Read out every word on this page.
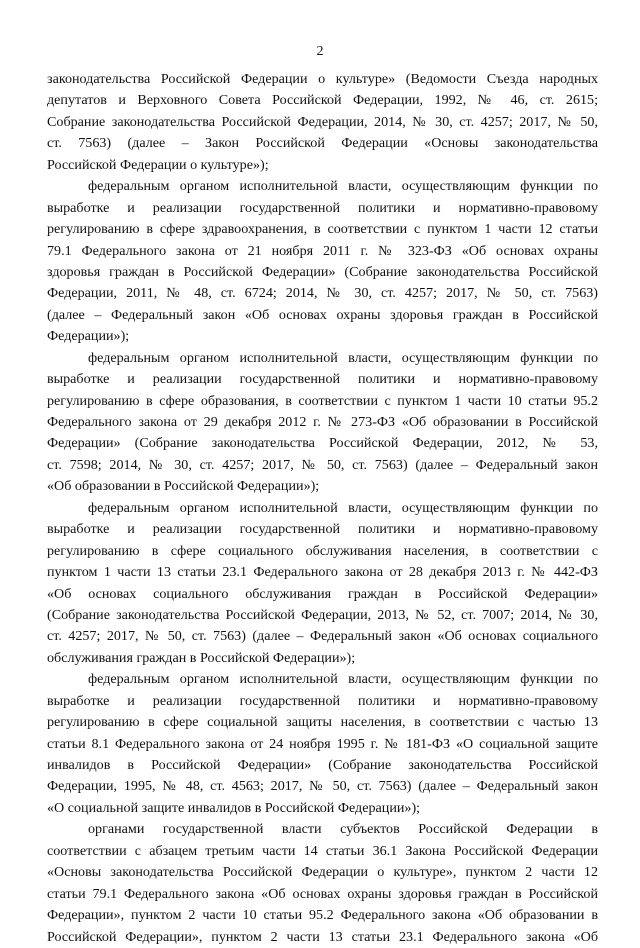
2
законодательства Российской Федерации о культуре» (Ведомости Съезда народных
депутатов и Верховного Совета Российской Федерации, 1992, № 46, ст. 2615;
Собрание законодательства Российской Федерации, 2014, № 30, ст. 4257; 2017, № 50,
ст. 7563) (далее – Закон Российской Федерации «Основы законодательства
Российской Федерации о культуре»);
федеральным органом исполнительной власти, осуществляющим функции по
выработке и реализации государственной политики и нормативно-правовому
регулированию в сфере здравоохранения, в соответствии с пунктом 1 части 12 статьи
79.1 Федерального закона от 21 ноября 2011 г. № 323-ФЗ «Об основах охраны
здоровья граждан в Российской Федерации» (Собрание законодательства Российской
Федерации, 2011, № 48, ст. 6724; 2014, № 30, ст. 4257; 2017, № 50, ст. 7563)
(далее – Федеральный закон «Об основах охраны здоровья граждан в Российской
Федерации»);
федеральным органом исполнительной власти, осуществляющим функции по
выработке и реализации государственной политики и нормативно-правовому
регулированию в сфере образования, в соответствии с пунктом 1 части 10 статьи 95.2
Федерального закона от 29 декабря 2012 г. № 273-ФЗ «Об образовании в Российской
Федерации» (Собрание законодательства Российской Федерации, 2012, № 53,
ст. 7598; 2014, № 30, ст. 4257; 2017, № 50, ст. 7563) (далее – Федеральный закон
«Об образовании в Российской Федерации»);
федеральным органом исполнительной власти, осуществляющим функции по
выработке и реализации государственной политики и нормативно-правовому
регулированию в сфере социального обслуживания населения, в соответствии с
пунктом 1 части 13 статьи 23.1 Федерального закона от 28 декабря 2013 г. № 442-ФЗ
«Об основах социального обслуживания граждан в Российской Федерации»
(Собрание законодательства Российской Федерации, 2013, № 52, ст. 7007; 2014, № 30,
ст. 4257; 2017, № 50, ст. 7563) (далее – Федеральный закон «Об основах социального
обслуживания граждан в Российской Федерации»);
федеральным органом исполнительной власти, осуществляющим функции по
выработке и реализации государственной политики и нормативно-правовому
регулированию в сфере социальной защиты населения, в соответствии с частью 13
статьи 8.1 Федерального закона от 24 ноября 1995 г. № 181-ФЗ «О социальной защите
инвалидов в Российской Федерации» (Собрание законодательства Российской
Федерации, 1995, № 48, ст. 4563; 2017, № 50, ст. 7563) (далее – Федеральный закон
«О социальной защите инвалидов в Российской Федерации»);
органами государственной власти субъектов Российской Федерации в
соответствии с абзацем третьим части 14 статьи 36.1 Закона Российской Федерации
«Основы законодательства Российской Федерации о культуре», пунктом 2 части 12
статьи 79.1 Федерального закона «Об основах охраны здоровья граждан в Российской
Федерации», пунктом 2 части 10 статьи 95.2 Федерального закона «Об образовании в
Российской Федерации», пунктом 2 части 13 статьи 23.1 Федерального закона «Об
